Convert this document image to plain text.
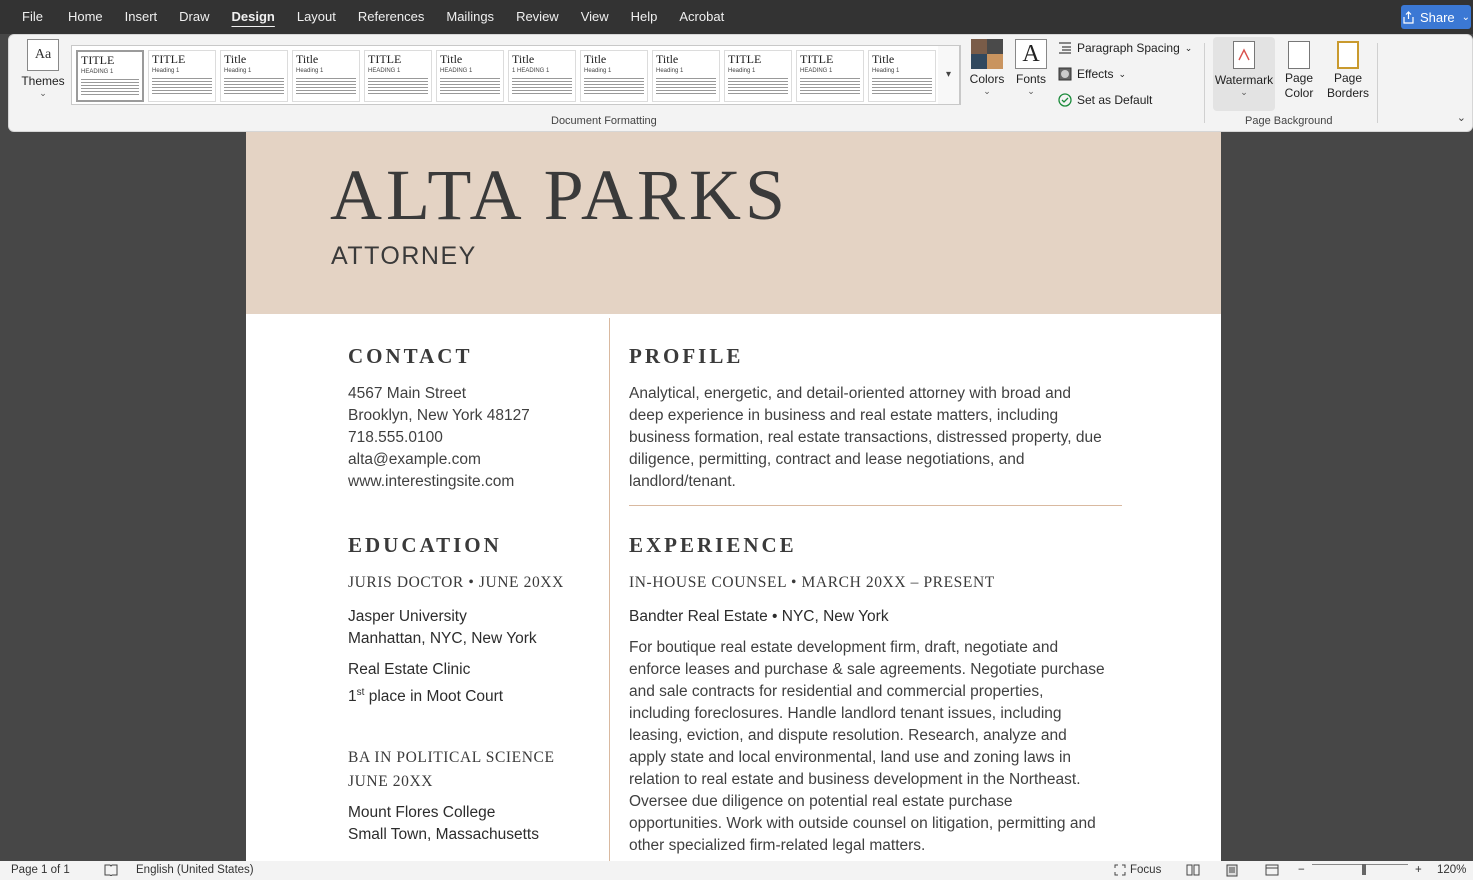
File	Home	Insert	Draw	Design	Layout	References	Mailings	Review	View	Help	Acrobat	Share ⌄
Aa
Themes
⌄
TITLE
HEADING 1
TITLE
Heading 1
Title
Heading 1
Title
Heading 1
TITLE
HEADING 1
Title
HEADING 1
Title
1 HEADING 1
Title
Heading 1
Title
Heading 1
TITLE
Heading 1
TITLE
HEADING 1
Title
Heading 1	▾	Colors
⌄
A
Fonts
⌄
Paragraph Spacing ⌄
Effects ⌄
Set as Default
Document Formatting
Watermark
⌄
Page
Color
Page
Borders
Page Background	⌄
ALTA PARKS
ATTORNEY
CONTACT
4567 Main Street
Brooklyn, New York 48127
718.555.0100
alta@example.com
www.interestingsite.com
EDUCATION
JURIS DOCTOR • JUNE 20XX
Jasper University
Manhattan, NYC, New York
Real Estate Clinic
1st place in Moot Court
BA IN POLITICAL SCIENCE
JUNE 20XX
Mount Flores College
Small Town, Massachusetts
PROFILE
Analytical, energetic, and detail-oriented attorney with broad and
deep experience in business and real estate matters, including
business formation, real estate transactions, distressed property, due
diligence, permitting, contract and lease negotiations, and
landlord/tenant.
EXPERIENCE
IN-HOUSE COUNSEL • MARCH 20XX – PRESENT
Bandter Real Estate • NYC, New York
For boutique real estate development firm, draft, negotiate and
enforce leases and purchase & sale agreements. Negotiate purchase
and sale contracts for residential and commercial properties,
including foreclosures. Handle landlord tenant issues, including
leasing, eviction, and dispute resolution. Research, analyze and
apply state and local environmental, land use and zoning laws in
relation to real estate and business development in the Northeast.
Oversee due diligence on potential real estate purchase
opportunities. Work with outside counsel on litigation, permitting and
other specialized firm-related legal matters.
Page 1 of 1	English (United States)	Focus	−	+ 120%
